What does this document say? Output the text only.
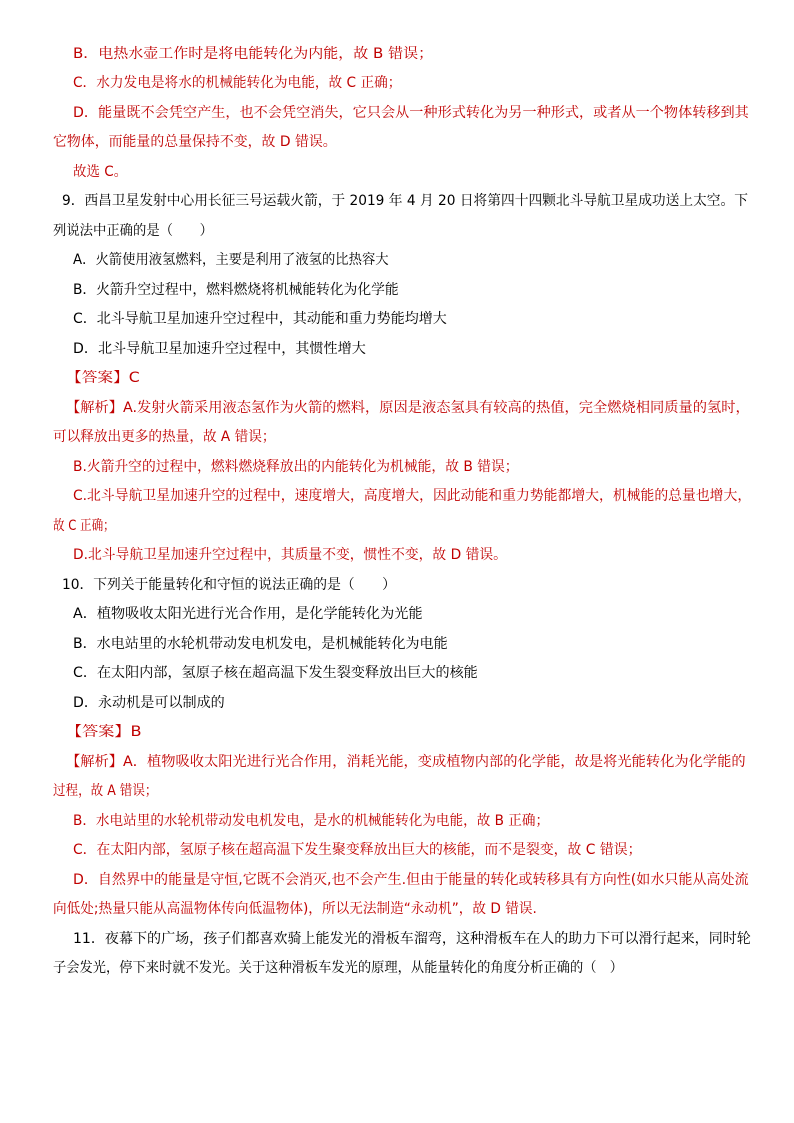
B．电热水壶工作时是将电能转化为内能，故 B 错误；
C．水力发电是将水的机械能转化为电能，故 C 正确；
D．能量既不会凭空产生，也不会凭空消失，它只会从一种形式转化为另一种形式，或者从一个物体转移到其
它物体，而能量的总量保持不变，故 D 错误。
故选 C。
9．西昌卫星发射中心用长征三号运载火箭，于 2019 年 4 月 20 日将第四十四颗北斗导航卫星成功送上太空。下
列说法中正确的是（　　）
A．火箭使用液氢燃料，主要是利用了液氢的比热容大
B．火箭升空过程中，燃料燃烧将机械能转化为化学能
C．北斗导航卫星加速升空过程中，其动能和重力势能均增大
D．北斗导航卫星加速升空过程中，其惯性增大
【答案】C
【解析】A.发射火箭采用液态氢作为火箭的燃料，原因是液态氢具有较高的热值，完全燃烧相同质量的氢时，
可以释放出更多的热量，故 A 错误；
B.火箭升空的过程中，燃料燃烧释放出的内能转化为机械能，故 B 错误；
C.北斗导航卫星加速升空的过程中，速度增大，高度增大，因此动能和重力势能都增大，机械能的总量也增大，
故 C 正确；
D.北斗导航卫星加速升空过程中，其质量不变，惯性不变，故 D 错误。
10．下列关于能量转化和守恒的说法正确的是（　　）
A．植物吸收太阳光进行光合作用，是化学能转化为光能
B．水电站里的水轮机带动发电机发电，是机械能转化为电能
C．在太阳内部，氢原子核在超高温下发生裂变释放出巨大的核能
D．永动机是可以制成的
【答案】B
【解析】A．植物吸收太阳光进行光合作用，消耗光能，变成植物内部的化学能，故是将光能转化为化学能的
过程，故 A 错误；
B．水电站里的水轮机带动发电机发电，是水的机械能转化为电能，故 B 正确；
C．在太阳内部，氢原子核在超高温下发生聚变释放出巨大的核能，而不是裂变，故 C 错误；
D．自然界中的能量是守恒,它既不会消灭,也不会产生.但由于能量的转化或转移具有方向性(如水只能从高处流
向低处;热量只能从高温物体传向低温物体)，所以无法制造“永动机”，故 D 错误.
11．夜幕下的广场，孩子们都喜欢骑上能发光的滑板车溜弯，这种滑板车在人的助力下可以滑行起来，同时轮
子会发光，停下来时就不发光。关于这种滑板车发光的原理，从能量转化的角度分析正确的（　）
